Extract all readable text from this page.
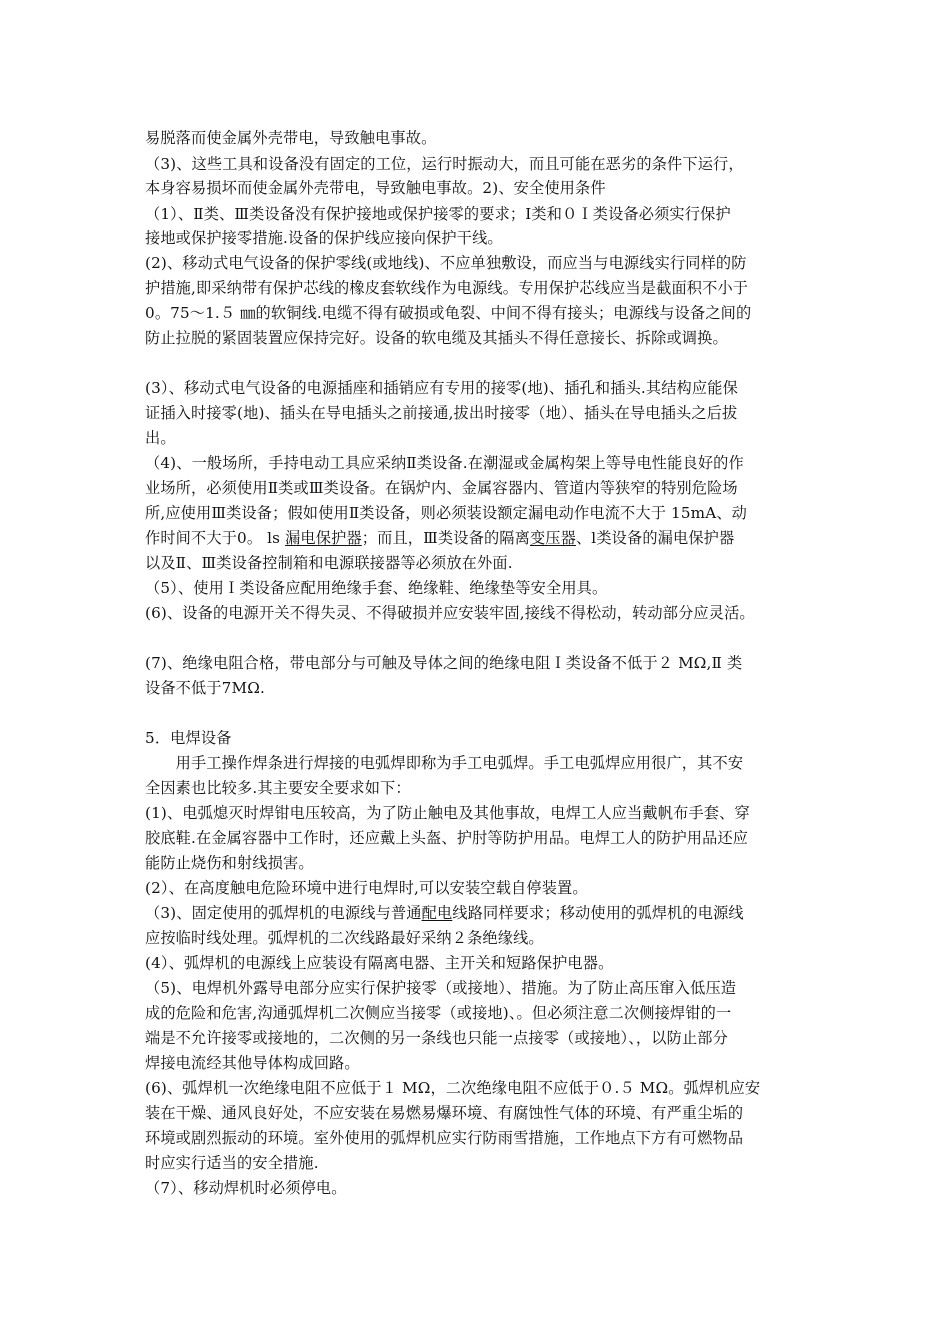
易脱落而使金属外壳带电，导致触电事故。
（3)、这些工具和设备没有固定的工位，运行时振动大，而且可能在恶劣的条件下运行，
本身容易损坏而使金属外壳带电，导致触电事故。2)、安全使用条件
（1）、Ⅱ类、Ⅲ类设备没有保护接地或保护接零的要求；I类和０Ｉ类设备必须实行保护
接地或保护接零措施.设备的保护线应接向保护干线。
(2)、移动式电气设备的保护零线(或地线)、不应单独敷设，而应当与电源线实行同样的防
护措施,即采纳带有保护芯线的橡皮套软线作为电源线。专用保护芯线应当是截面积不小于
0。75～1.５ ㎜的软铜线.电缆不得有破损或龟裂、中间不得有接头；电源线与设备之间的
防止拉脱的紧固装置应保持完好。设备的软电缆及其插头不得任意接长、拆除或调换。
(3）、移动式电气设备的电源插座和插销应有专用的接零(地)、插孔和插头.其结构应能保
证插入时接零(地)、插头在导电插头之前接通,拔出时接零（地）、插头在导电插头之后拔
出。
（4)、一般场所，手持电动工具应采纳Ⅱ类设备.在潮湿或金属构架上等导电性能良好的作
业场所，必须使用Ⅱ类或Ⅲ类设备。在锅炉内、金属容器内、管道内等狭窄的特别危险场
所,应使用Ⅲ类设备；假如使用Ⅱ类设备，则必须装设额定漏电动作电流不大于 15mA、动
作时间不大于0。 ls 漏电保护器；而且，Ⅲ类设备的隔离变压器、l类设备的漏电保护器
以及Ⅱ、Ⅲ类设备控制箱和电源联接器等必须放在外面.
（5）、使用Ｉ类设备应配用绝缘手套、绝缘鞋、绝缘垫等安全用具。
(6)、设备的电源开关不得失灵、不得破损并应安装牢固,接线不得松动，转动部分应灵活。
(7)、绝缘电阻合格，带电部分与可触及导体之间的绝缘电阻Ｉ类设备不低于２ MΩ,Ⅱ 类
设备不低于7MΩ.
5．电焊设备
　　用手工操作焊条进行焊接的电弧焊即称为手工电弧焊。手工电弧焊应用很广，其不安
全因素也比较多.其主要安全要求如下：
(1)、电弧熄灭时焊钳电压较高，为了防止触电及其他事故，电焊工人应当戴帆布手套、穿
胶底鞋.在金属容器中工作时，还应戴上头盔、护肘等防护用品。电焊工人的防护用品还应
能防止烧伤和射线损害。
(2）、在高度触电危险环境中进行电焊时,可以安装空载自停装置。
（3)、固定使用的弧焊机的电源线与普通配电线路同样要求；移动使用的弧焊机的电源线
应按临时线处理。弧焊机的二次线路最好采纳２条绝缘线。
(4）、弧焊机的电源线上应装设有隔离电器、主开关和短路保护电器。
（5)、电焊机外露导电部分应实行保护接零（或接地）、措施。为了防止高压窜入低压造
成的危险和危害,沟通弧焊机二次侧应当接零（或接地)、。但必须注意二次侧接焊钳的一
端是不允许接零或接地的，二次侧的另一条线也只能一点接零（或接地）、，以防止部分
焊接电流经其他导体构成回路。
(6)、弧焊机一次绝缘电阻不应低于１ MΩ，二次绝缘电阻不应低于０.５ MΩ。弧焊机应安
装在干燥、通风良好处，不应安装在易燃易爆环境、有腐蚀性气体的环境、有严重尘垢的
环境或剧烈振动的环境。室外使用的弧焊机应实行防雨雪措施，工作地点下方有可燃物品
时应实行适当的安全措施.
（7）、移动焊机时必须停电。
